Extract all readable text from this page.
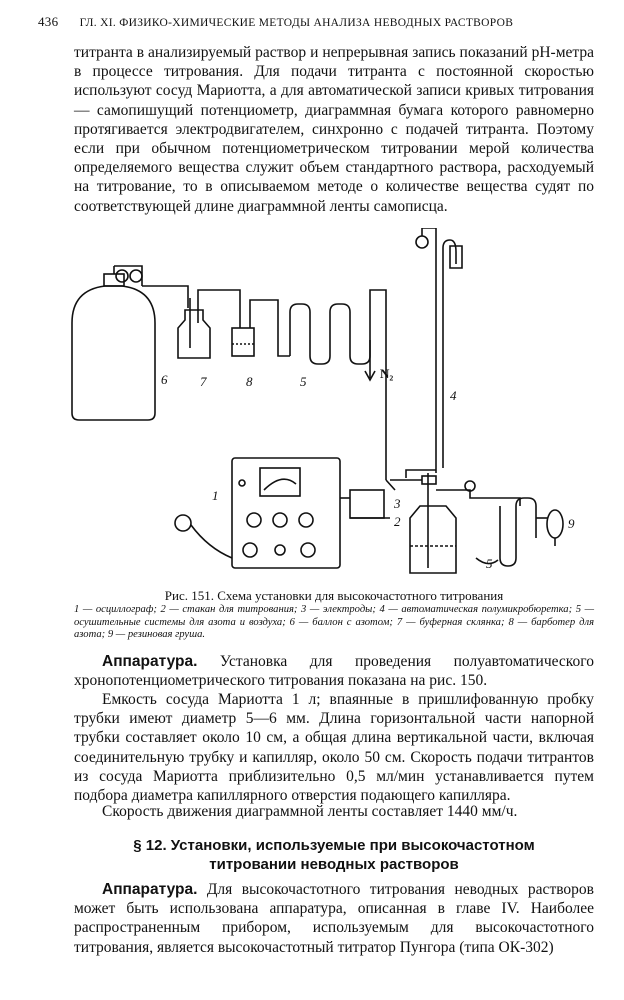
436 ГЛ. XI. ФИЗИКО-ХИМИЧЕСКИЕ МЕТОДЫ АНАЛИЗА НЕВОДНЫХ РАСТВОРОВ

титранта в анализируемый раствор и непрерывная запись показаний pH-метра в процессе титрования. Для подачи титранта с постоянной скоростью используют сосуд Мариотта, а для автоматической записи кривых титрования — самопишущий потенциометр, диаграммная бумага которого равномерно протягивается электродвигателем, синхронно с подачей титранта. Поэтому если при обычном потенциометрическом титровании мерой количества определяемого вещества служит объем стандартного раствора, расходуемый на титрование, то в описываемом методе о количестве вещества судят по соответствующей длине диаграммной ленты самописца.

6	7	8	5
N₂
4
1
3
2
5
9
Рис. 151. Схема установки для высокочастотного титрования
1 — осциллограф; 2 — стакан для титрования; 3 — электроды; 4 — автоматическая полумикробюретка; 5 — осушительные системы для азота и воздуха; 6 — баллон с азотом; 7 — буферная склянка; 8 — барботер для азота; 9 — резиновая груша.

Аппаратура. Установка для проведения полуавтоматического хронопотенциометрического титрования показана на рис. 150.

Емкость сосуда Мариотта 1 л; впаянные в пришлифованную пробку трубки имеют диаметр 5—6 мм. Длина горизонтальной части напорной трубки составляет около 10 см, а общая длина вертикальной части, включая соединительную трубку и капилляр, около 50 см. Скорость подачи титрантов из сосуда Мариотта приблизительно 0,5 мл/мин устанавливается путем подбора диаметра капиллярного отверстия подающего капилляра.

Скорость движения диаграммной ленты составляет 1440 мм/ч.

§ 12. Установки, используемые при высокочастотном
титровании неводных растворов

Аппаратура. Для высокочастотного титрования неводных растворов может быть использована аппаратура, описанная в главе IV. Наиболее распространенным прибором, используемым для высокочастотного титрования, является высокочастотный титратор Пунгора (типа ОК-302)
